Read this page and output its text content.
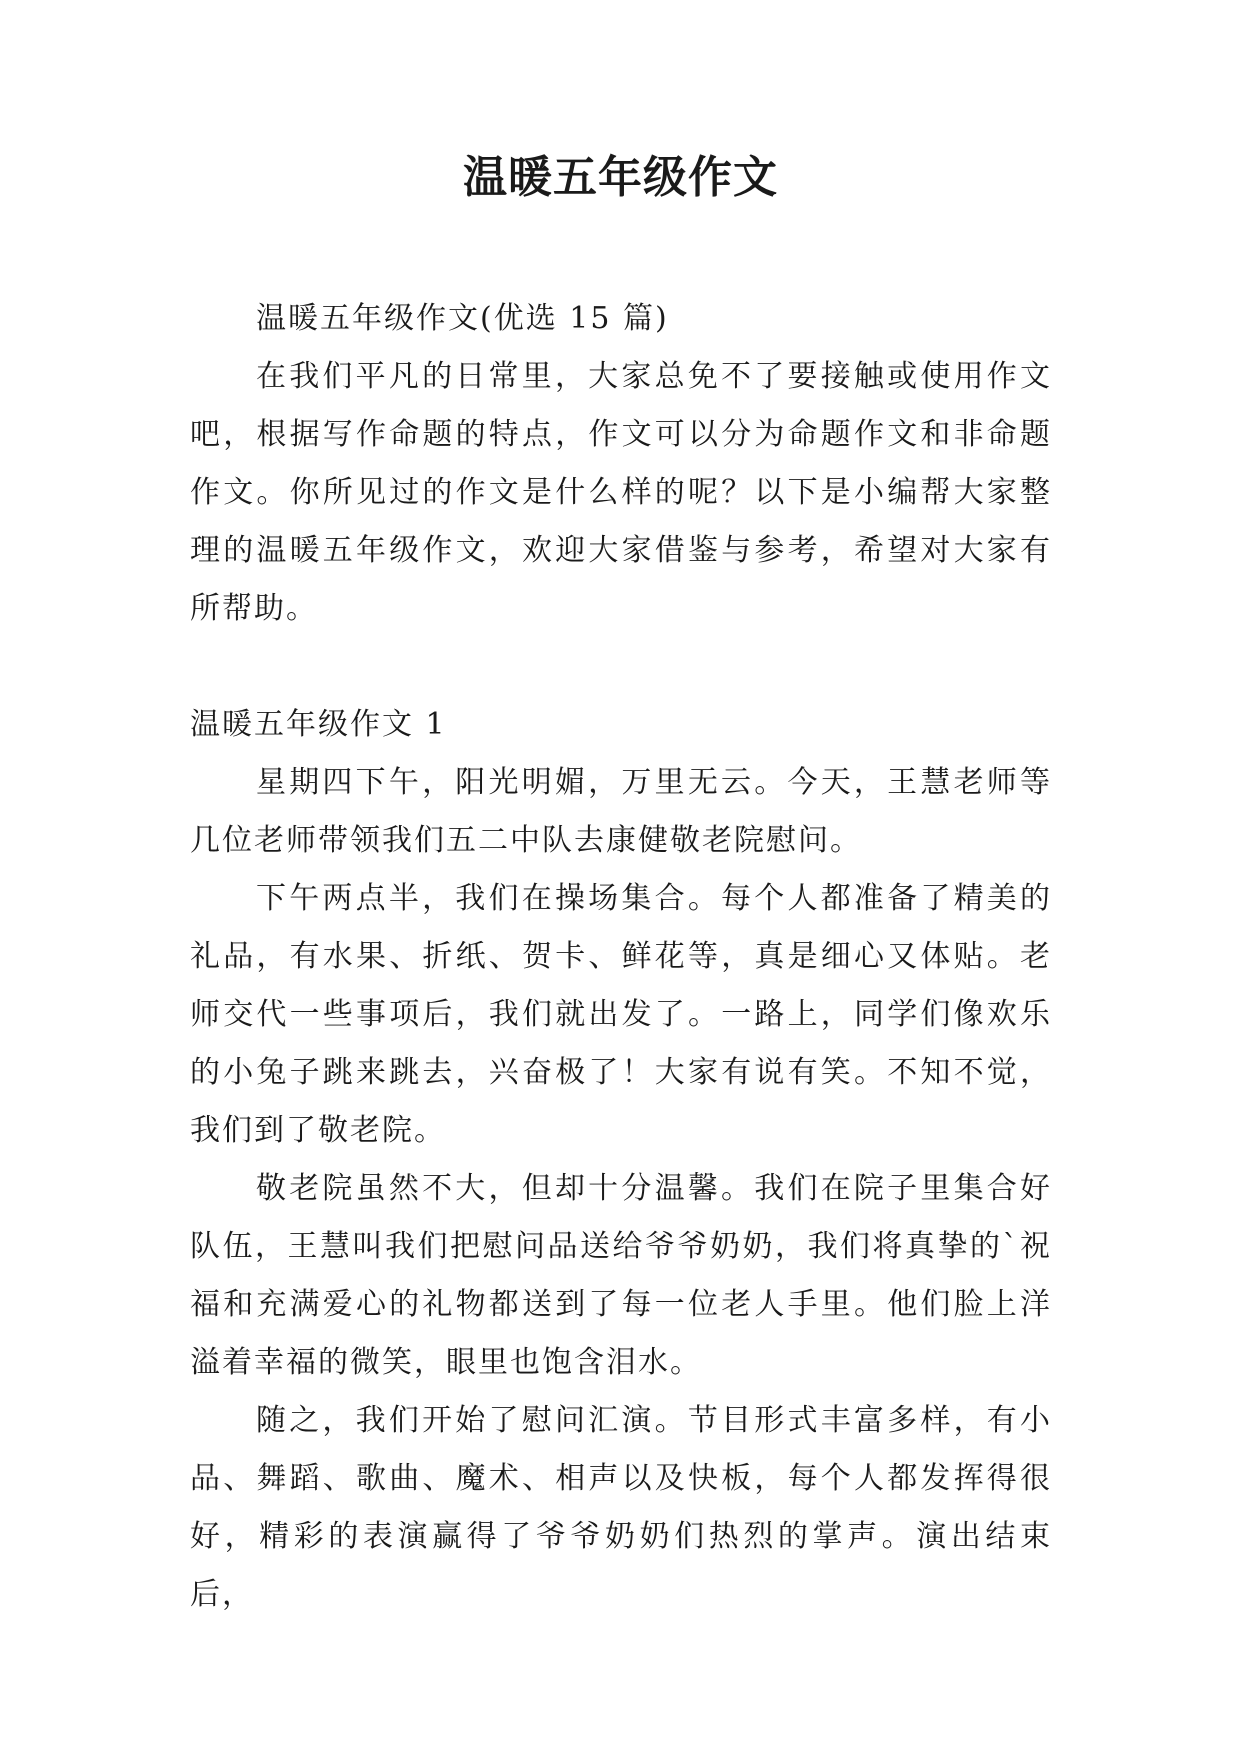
温暖五年级作文

温暖五年级作文(优选 15 篇)

在我们平凡的日常里，大家总免不了要接触或使用作文吧，根据写作命题的特点，作文可以分为命题作文和非命题作文。你所见过的作文是什么样的呢？以下是小编帮大家整理的温暖五年级作文，欢迎大家借鉴与参考，希望对大家有所帮助。

温暖五年级作文 1

星期四下午，阳光明媚，万里无云。今天，王慧老师等几位老师带领我们五二中队去康健敬老院慰问。

下午两点半，我们在操场集合。每个人都准备了精美的礼品，有水果、折纸、贺卡、鲜花等，真是细心又体贴。老师交代一些事项后，我们就出发了。一路上，同学们像欢乐的小兔子跳来跳去，兴奋极了！大家有说有笑。不知不觉，我们到了敬老院。

敬老院虽然不大，但却十分温馨。我们在院子里集合好队伍，王慧叫我们把慰问品送给爷爷奶奶，我们将真挚的`祝福和充满爱心的礼物都送到了每一位老人手里。他们脸上洋溢着幸福的微笑，眼里也饱含泪水。

随之，我们开始了慰问汇演。节目形式丰富多样，有小品、舞蹈、歌曲、魔术、相声以及快板，每个人都发挥得很好，精彩的表演赢得了爷爷奶奶们热烈的掌声。演出结束后，
